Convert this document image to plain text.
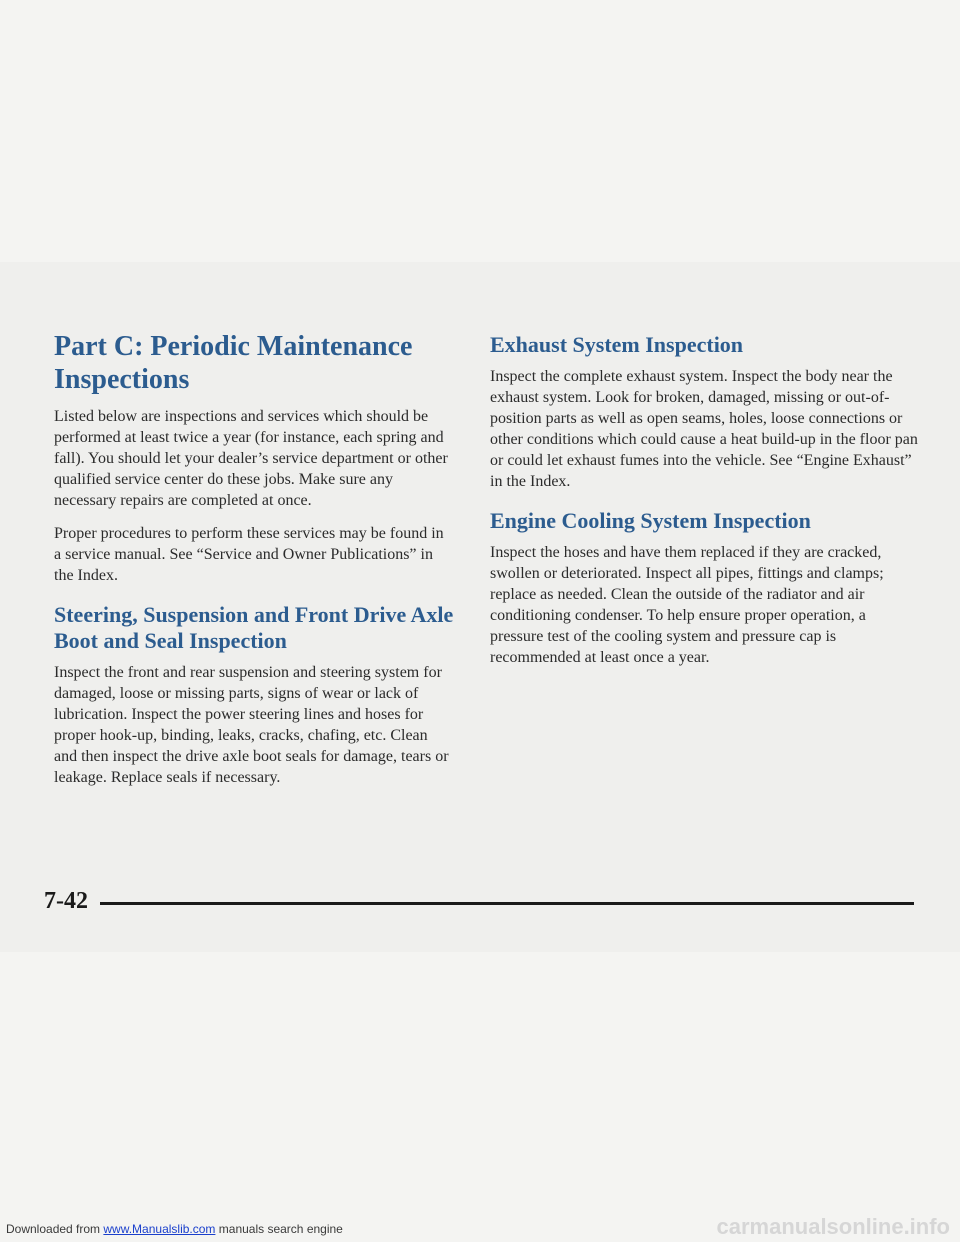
Part C: Periodic Maintenance Inspections

Listed below are inspections and services which should be performed at least twice a year (for instance, each spring and fall). You should let your dealer’s service department or other qualified service center do these jobs. Make sure any necessary repairs are completed at once.

Proper procedures to perform these services may be found in a service manual. See “Service and Owner Publications” in the Index.

Steering, Suspension and Front Drive Axle Boot and Seal Inspection

Inspect the front and rear suspension and steering system for damaged, loose or missing parts, signs of wear or lack of lubrication. Inspect the power steering lines and hoses for proper hook-up, binding, leaks, cracks, chafing, etc. Clean and then inspect the drive axle boot seals for damage, tears or leakage. Replace seals if necessary.

Exhaust System Inspection

Inspect the complete exhaust system. Inspect the body near the exhaust system. Look for broken, damaged, missing or out-of-position parts as well as open seams, holes, loose connections or other conditions which could cause a heat build-up in the floor pan or could let exhaust fumes into the vehicle. See “Engine Exhaust” in the Index.

Engine Cooling System Inspection

Inspect the hoses and have them replaced if they are cracked, swollen or deteriorated. Inspect all pipes, fittings and clamps; replace as needed. Clean the outside of the radiator and air conditioning condenser. To help ensure proper operation, a pressure test of the cooling system and pressure cap is recommended at least once a year.

7-42
Downloaded from www.Manualslib.com manuals search engine	carmanualsonline.info
